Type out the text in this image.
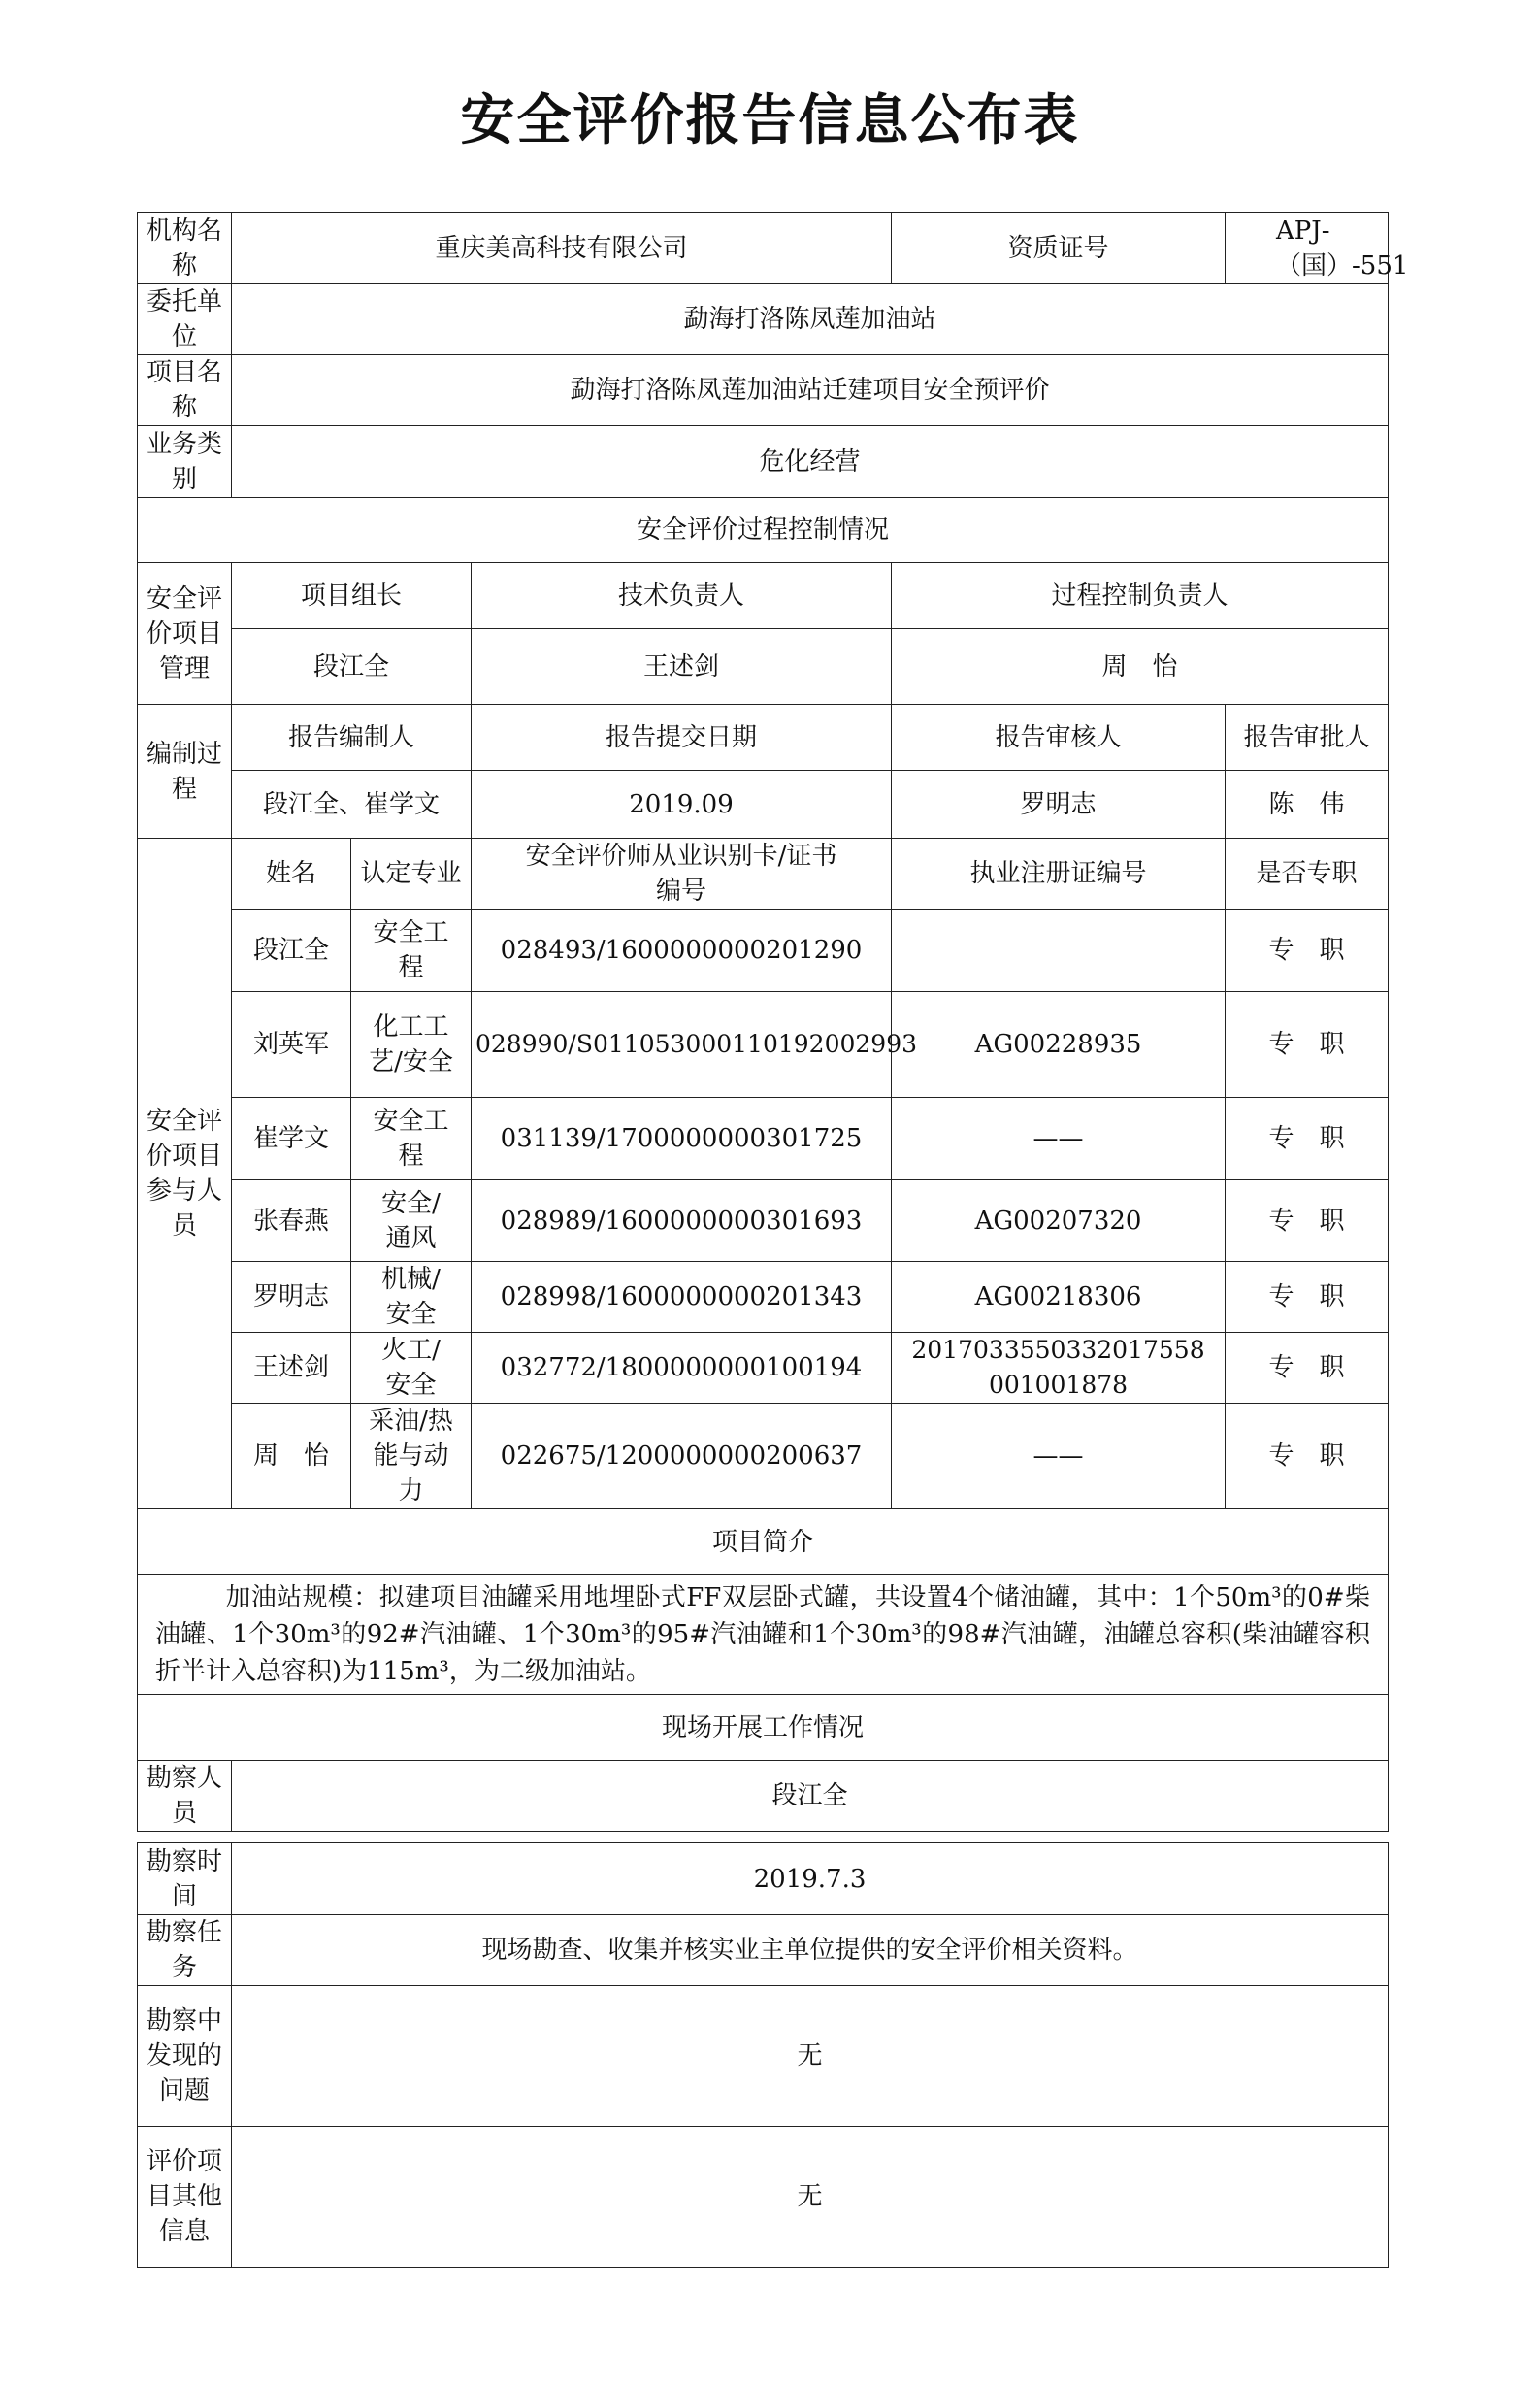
安全评价报告信息公布表
机构名称	重庆美高科技有限公司			资质证号	APJ-（国）-551
委托单位	勐海打洛陈凤莲加油站				
项目名称	勐海打洛陈凤莲加油站迁建项目安全预评价				
业务类别	危化经营				
安全评价过程控制情况					
安全评价项目管理	项目组长		技术负责人	过程控制负责人	
	段江全		王述剑	周　怡	
编制过程	报告编制人		报告提交日期	报告审核人	报告审批人
	段江全、崔学文		2019.09	罗明志	陈　伟
安全评价项目参与人员	姓名	认定专业	安全评价师从业识别卡/证书编号	执业注册证编号	是否专职
	段江全	安全工程	028493/1600000000201290		专　职
	刘英军	化工工艺/安全	028990/S011053000110192002993	AG00228935	专　职
	崔学文	安全工程	031139/1700000000301725	——	专　职
	张春燕	安全/通风	028989/1600000000301693	AG00207320	专　职
	罗明志	机械/安全	028998/1600000000201343	AG00218306	专　职
	王述剑	火工/安全	032772/1800000000100194	2017033550332017558001001878	专　职
	周　怡	采油/热能与动力	022675/1200000000200637	——	专　职
项目简介					
加油站规模：拟建项目油罐采用地埋卧式FF双层卧式罐，共设置4个储油罐，其中：1个50m³的0#柴油罐、1个30m³的92#汽油罐、1个30m³的95#汽油罐和1个30m³的98#汽油罐，油罐总容积(柴油罐容积折半计入总容积)为115m³，为二级加油站。					
现场开展工作情况					
勘察人员	段江全				
勘察时间	2019.7.3
勘察任务	现场勘查、收集并核实业主单位提供的安全评价相关资料。
勘察中发现的问题	无
评价项目其他信息	无
